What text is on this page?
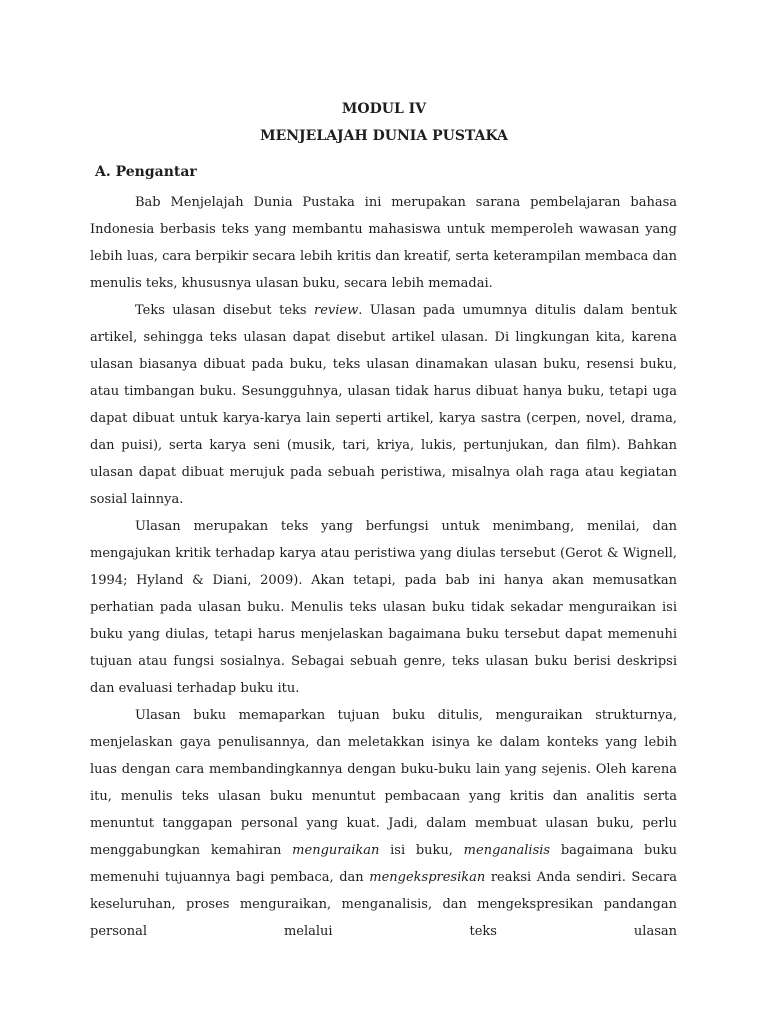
MODUL IV
MENJELAJAH DUNIA PUSTAKA
A. Pengantar

Bab Menjelajah Dunia Pustaka ini merupakan sarana pembelajaran bahasa Indonesia berbasis teks yang membantu mahasiswa untuk memperoleh wawasan yang lebih luas, cara berpikir secara lebih kritis dan kreatif, serta keterampilan membaca dan menulis teks, khususnya ulasan buku, secara lebih memadai.

Teks ulasan disebut teks review. Ulasan pada umumnya ditulis dalam bentuk artikel, sehingga teks ulasan dapat disebut artikel ulasan. Di lingkungan kita, karena ulasan biasanya dibuat pada buku, teks ulasan dinamakan ulasan buku, resensi buku, atau timbangan buku. Sesungguhnya, ulasan tidak harus dibuat hanya buku, tetapi uga dapat dibuat untuk karya-karya lain seperti artikel, karya sastra (cerpen, novel, drama, dan puisi), serta karya seni (musik, tari, kriya, lukis, pertunjukan, dan film). Bahkan ulasan dapat dibuat merujuk pada sebuah peristiwa, misalnya olah raga atau kegiatan sosial lainnya.

Ulasan merupakan teks yang berfungsi untuk menimbang, menilai, dan mengajukan kritik terhadap karya atau peristiwa yang diulas tersebut (Gerot & Wignell, 1994; Hyland & Diani, 2009). Akan tetapi, pada bab ini hanya akan memusatkan perhatian pada ulasan buku. Menulis teks ulasan buku tidak sekadar menguraikan isi buku yang diulas, tetapi harus menjelaskan bagaimana buku tersebut dapat memenuhi tujuan atau fungsi sosialnya. Sebagai sebuah genre, teks ulasan buku berisi deskripsi dan evaluasi terhadap buku itu.

Ulasan buku memaparkan tujuan buku ditulis, menguraikan strukturnya, menjelaskan gaya penulisannya, dan meletakkan isinya ke dalam konteks yang lebih luas dengan cara membandingkannya dengan buku-buku lain yang sejenis. Oleh karena itu, menulis teks ulasan buku menuntut pembacaan yang kritis dan analitis serta menuntut tanggapan personal yang kuat. Jadi, dalam membuat ulasan buku, perlu menggabungkan kemahiran menguraikan isi buku, menganalisis bagaimana buku memenuhi tujuannya bagi pembaca, dan mengekspresikan reaksi Anda sendiri. Secara keseluruhan, proses menguraikan, menganalisis, dan mengekspresikan pandangan personal melalui teks ulasan
